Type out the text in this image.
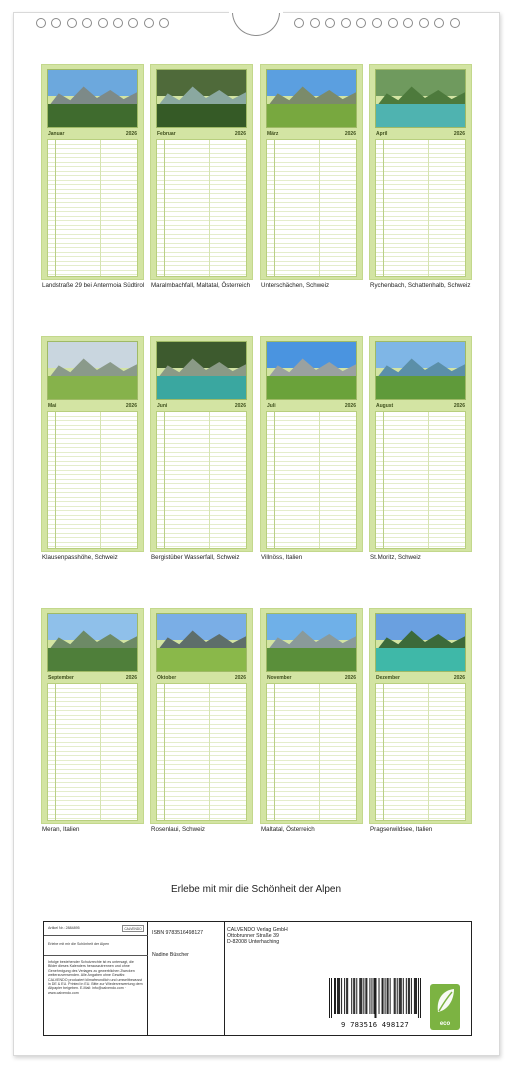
Januar	2026
Landstraße 29 bei Antermoia Südtirol
Februar	2026
Maralmbachfall, Maltatal, Österreich
März	2026
Unterschächen, Schweiz
April	2026
Rychenbach, Schattenhalb, Schweiz
Mai	2026
Klausenpasshöhe, Schweiz
Juni	2026
Bergistüber Wasserfall, Schweiz
Juli	2026
Villnöss, Italien
August	2026
St.Moritz, Schweiz
September	2026
Meran, Italien
Oktober	2026
Rosenlaui, Schweiz
November	2026
Maltatal, Österreich
Dezember	2026
Pragserwildsee, Italien
Erlebe mit mir die Schönheit der Alpen
Artikel Nr.: 2884895	CALVENDO
Erlebe mit mir die Schönheit der Alpen
Infolge bestehender Schutzrechte ist es untersagt, die Bilder dieses Kalenders herauszutrennen und ohne Genehmigung des Verlages zu gewerblichen Zwecken weiterzuverwenden. Alle Angaben ohne Gewähr. CALVENDO produziert klimafreundlich und umweltbewusst in DE & EU. Printed in EU. Bitte zur Wiederverwertung dem Altpapier beigeben. E-Mail: info@calvendo.com · www.calvendo.com
ISBN 9783516498127
Nadine Büscher
CALVENDO Verlag GmbH
Ottobrunner Straße 39
D-82008 Unterhaching
9 783516 498127	eco
